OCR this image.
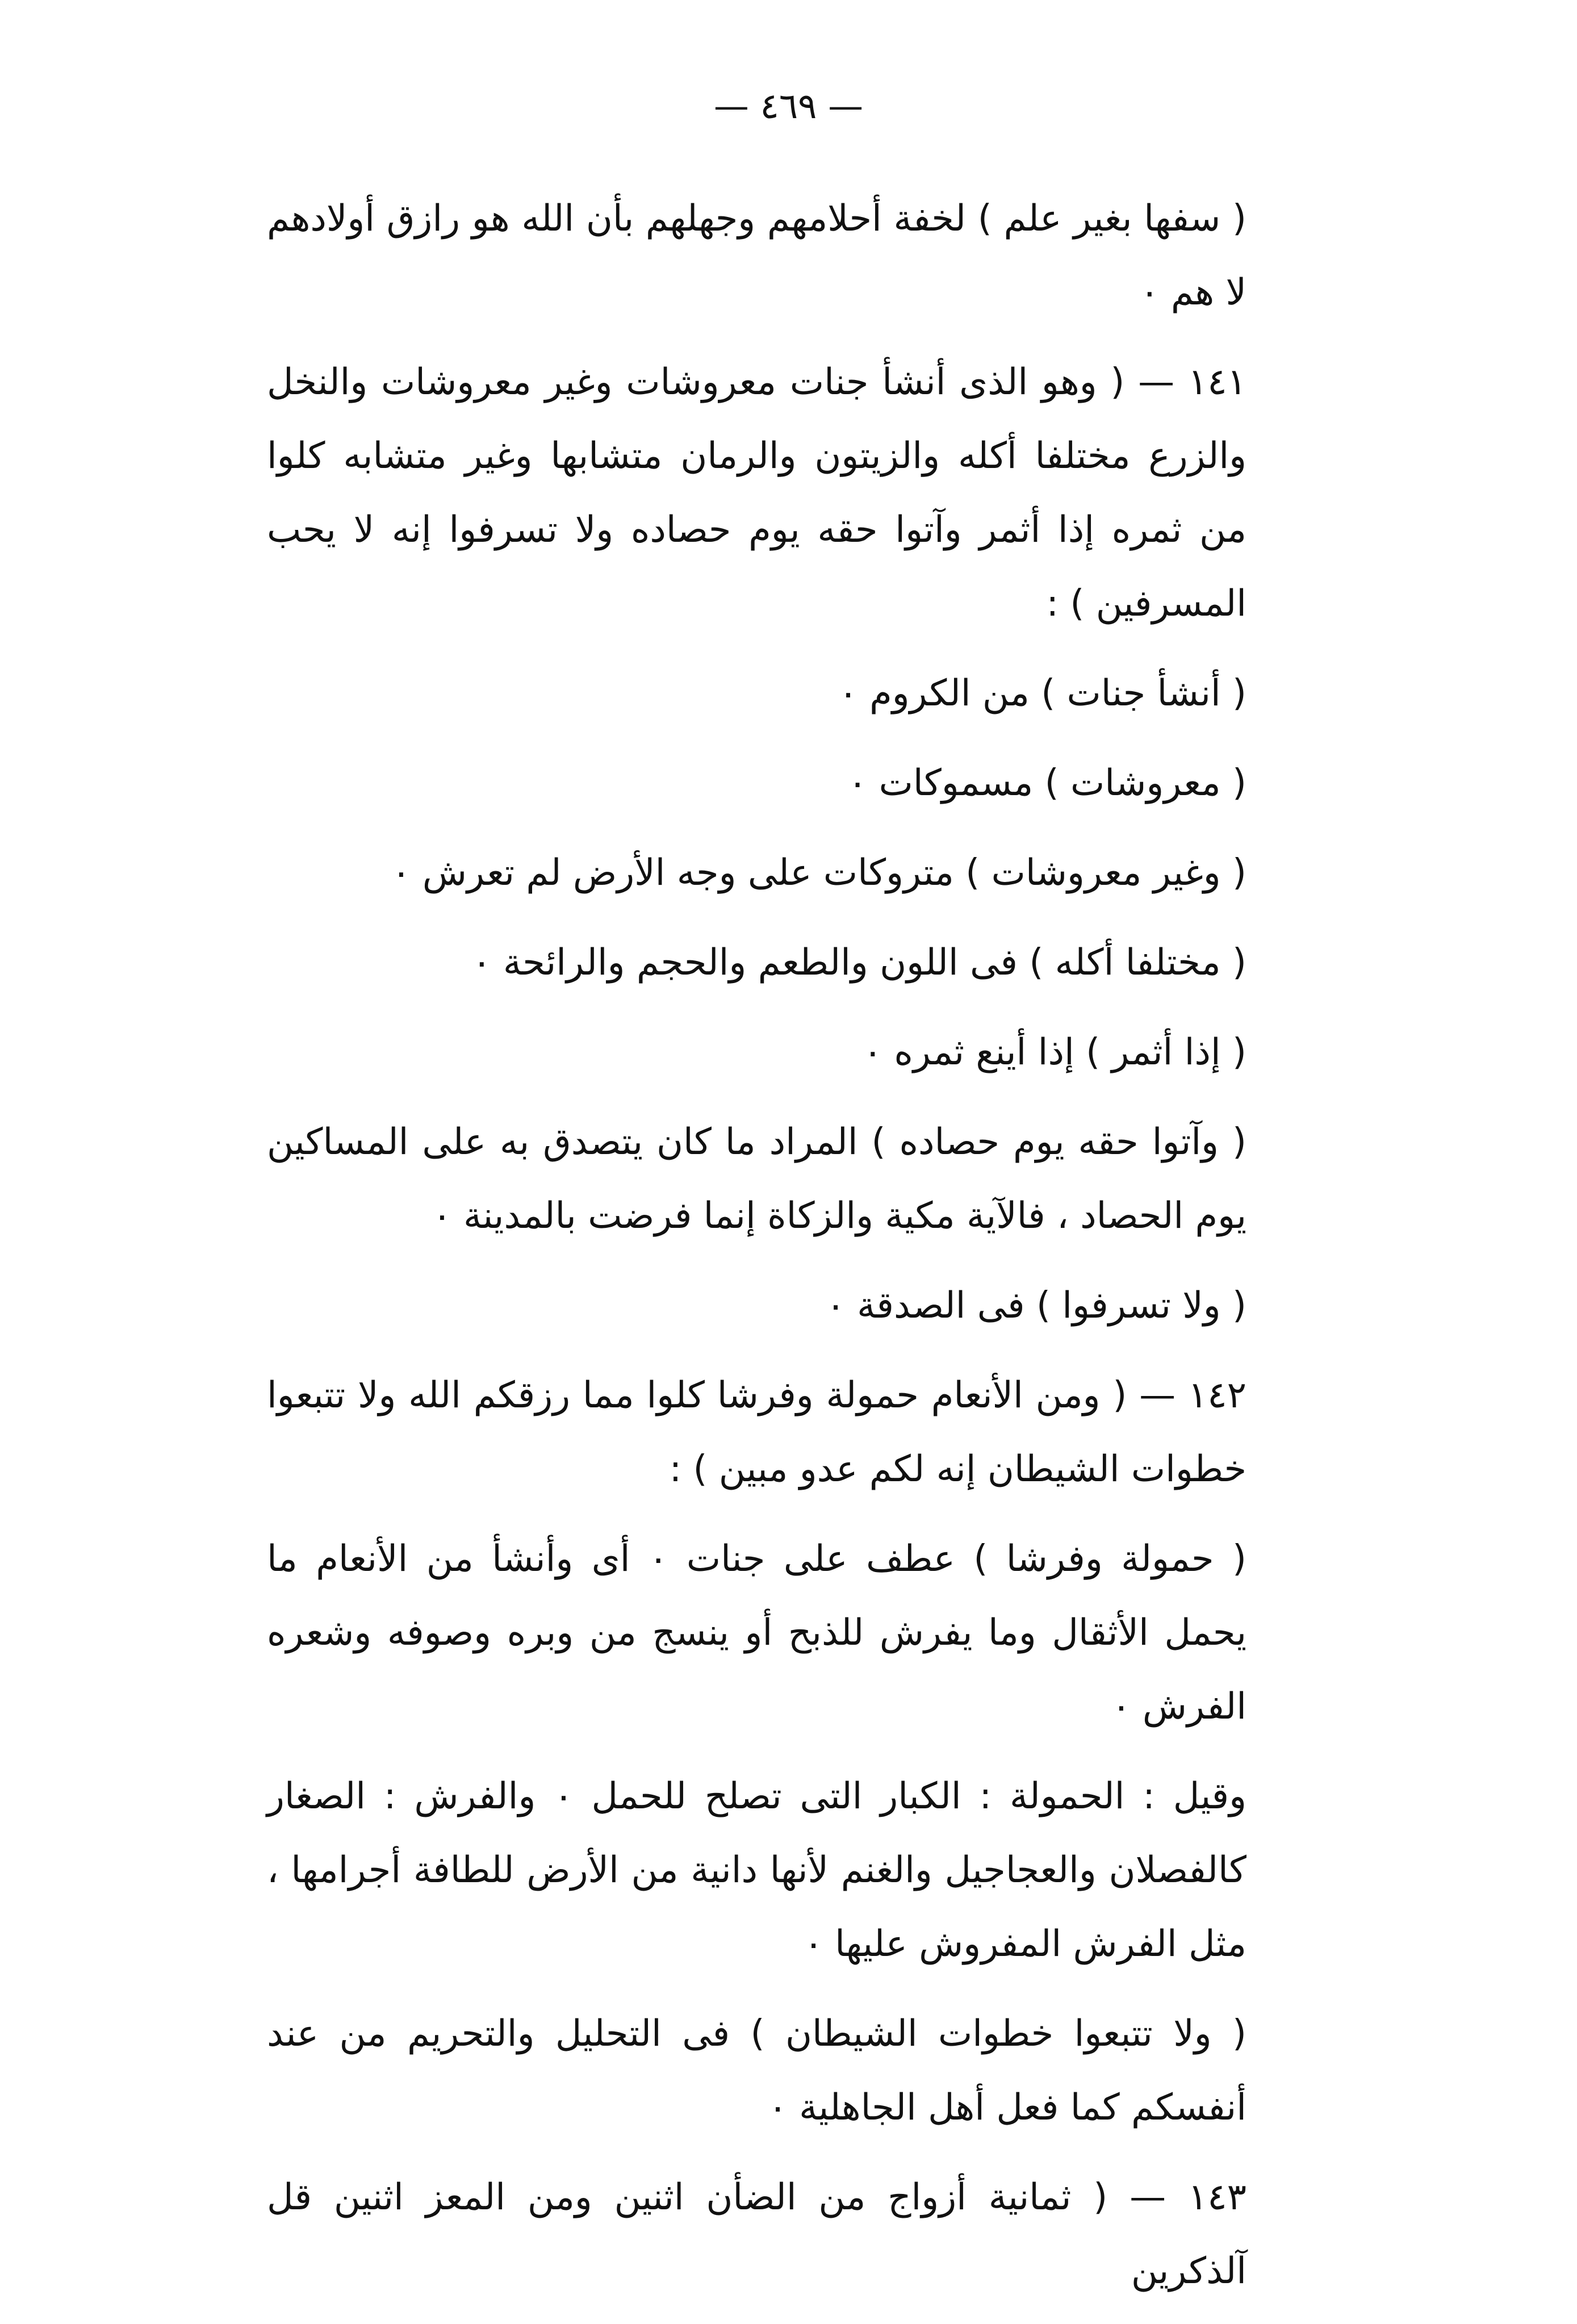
— ٤٦٩ —

( سفها بغير علم ) لخفة أحلامهم وجهلهم بأن الله هو رازق أولادهم لا هم ٠

١٤١ — ( وهو الذى أنشأ جنات معروشات وغير معروشات والنخل والزرع مختلفا أكله والزيتون والرمان متشابها وغير متشابه كلوا من ثمره إذا أثمر وآتوا حقه يوم حصاده ولا تسرفوا إنه لا يحب المسرفين ) :

( أنشأ جنات ) من الكروم ٠

( معروشات ) مسموكات ٠

( وغير معروشات ) متروكات على وجه الأرض لم تعرش ٠

( مختلفا أكله ) فى اللون والطعم والحجم والرائحة ٠

( إذا أثمر ) إذا أينع ثمره ٠

( وآتوا حقه يوم حصاده ) المراد ما كان يتصدق به على المساكين يوم الحصاد ، فالآية مكية والزكاة إنما فرضت بالمدينة ٠

( ولا تسرفوا ) فى الصدقة ٠

١٤٢ — ( ومن الأنعام حمولة وفرشا كلوا مما رزقكم الله ولا تتبعوا خطوات الشيطان إنه لكم عدو مبين ) :

( حمولة وفرشا ) عطف على جنات ٠ أى وأنشأ من الأنعام ما يحمل الأثقال وما يفرش للذبح أو ينسج من وبره وصوفه وشعره الفرش ٠

وقيل : الحمولة : الكبار التى تصلح للحمل ٠ والفرش : الصغار كالفصلان والعجاجيل والغنم لأنها دانية من الأرض للطافة أجرامها ، مثل الفرش المفروش عليها ٠

( ولا تتبعوا خطوات الشيطان ) فى التحليل والتحريم من عند أنفسكم كما فعل أهل الجاهلية ٠

١٤٣ — ( ثمانية أزواج من الضأن اثنين ومن المعز اثنين قل آلذكرين
